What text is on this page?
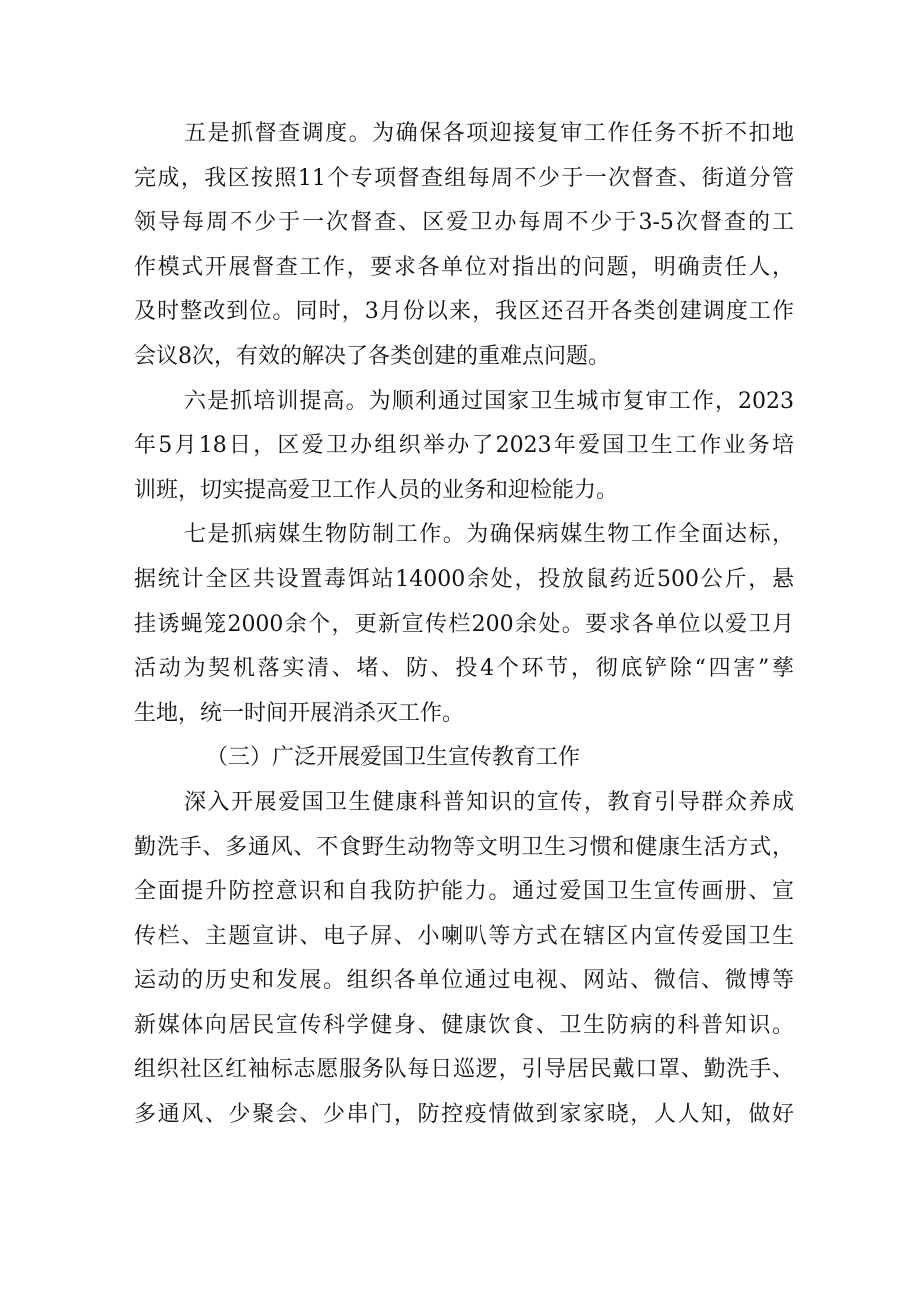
五是抓督查调度。为确保各项迎接复审工作任务不折不扣地
完成，我区按照11个专项督查组每周不少于一次督查、街道分管
领导每周不少于一次督查、区爱卫办每周不少于3-5次督查的工
作模式开展督查工作，要求各单位对指出的问题，明确责任人，
及时整改到位。同时，3月份以来，我区还召开各类创建调度工作
会议8次，有效的解决了各类创建的重难点问题。
六是抓培训提高。为顺利通过国家卫生城市复审工作，2023
年5月18日，区爱卫办组织举办了2023年爱国卫生工作业务培
训班，切实提高爱卫工作人员的业务和迎检能力。
七是抓病媒生物防制工作。为确保病媒生物工作全面达标，
据统计全区共设置毒饵站14000余处，投放鼠药近500公斤，悬
挂诱蝇笼2000余个，更新宣传栏200余处。要求各单位以爱卫月
活动为契机落实清、堵、防、投4个环节，彻底铲除“四害”孳
生地，统一时间开展消杀灭工作。
（三）广泛开展爱国卫生宣传教育工作
深入开展爱国卫生健康科普知识的宣传，教育引导群众养成
勤洗手、多通风、不食野生动物等文明卫生习惯和健康生活方式，
全面提升防控意识和自我防护能力。通过爱国卫生宣传画册、宣
传栏、主题宣讲、电子屏、小喇叭等方式在辖区内宣传爱国卫生
运动的历史和发展。组织各单位通过电视、网站、微信、微博等
新媒体向居民宣传科学健身、健康饮食、卫生防病的科普知识。
组织社区红袖标志愿服务队每日巡逻，引导居民戴口罩、勤洗手、
多通风、少聚会、少串门，防控疫情做到家家晓，人人知，做好
